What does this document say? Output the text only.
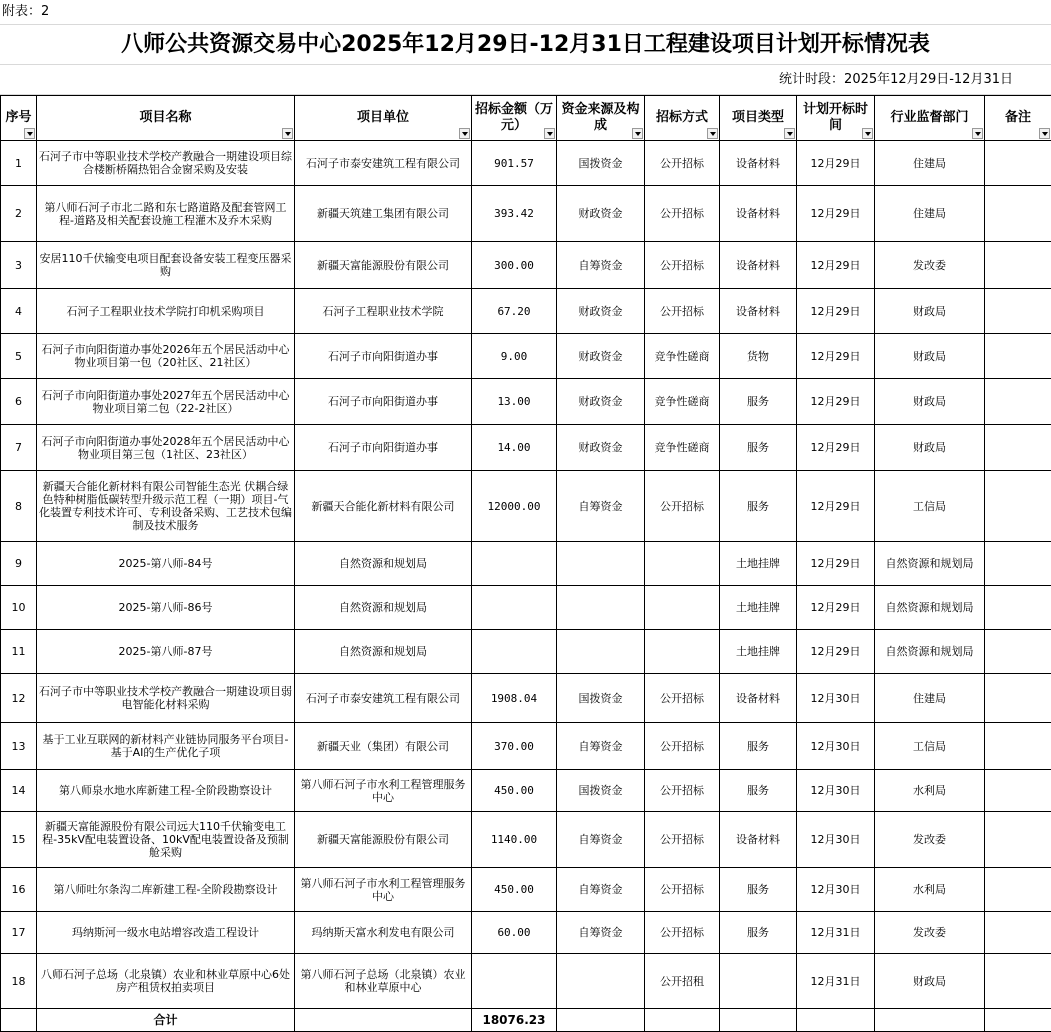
附表：2
八师公共资源交易中心2025年12月29日-12月31日工程建设项目计划开标情况表
统计时段：2025年12月29日-12月31日
序号	项目名称	项目单位	招标金额（万元）	资金来源及构成	招标方式	项目类型	计划开标时间	行业监督部门	备注

1	石河子市中等职业技术学校产教融合一期建设项目综合楼断桥隔热铝合金窗采购及安装	石河子市泰安建筑工程有限公司	901.57	国拨资金	公开招标	设备材料	12月29日	住建局	
2	第八师石河子市北二路和东七路道路及配套管网工程-道路及相关配套设施工程灌木及乔木采购	新疆天筑建工集团有限公司	393.42	财政资金	公开招标	设备材料	12月29日	住建局	
3	安居110千伏输变电项目配套设备安装工程变压器采购	新疆天富能源股份有限公司	300.00	自筹资金	公开招标	设备材料	12月29日	发改委	
4	石河子工程职业技术学院打印机采购项目	石河子工程职业技术学院	67.20	财政资金	公开招标	设备材料	12月29日	财政局	
5	石河子市向阳街道办事处2026年五个居民活动中心物业项目第一包（20社区、21社区）	石河子市向阳街道办事	9.00	财政资金	竞争性磋商	货物	12月29日	财政局	
6	石河子市向阳街道办事处2027年五个居民活动中心物业项目第二包（22-2社区）	石河子市向阳街道办事	13.00	财政资金	竞争性磋商	服务	12月29日	财政局	
7	石河子市向阳街道办事处2028年五个居民活动中心物业项目第三包（1社区、23社区）	石河子市向阳街道办事	14.00	财政资金	竞争性磋商	服务	12月29日	财政局	
8	新疆天合能化新材料有限公司智能生态光 伏耦合绿色特种树脂低碳转型升级示范工程（一期）项目-气化装置专利技术许可、专利设备采购、工艺技术包编制及技术服务	新疆天合能化新材料有限公司	12000.00	自筹资金	公开招标	服务	12月29日	工信局	
9	2025-第八师-84号	自然资源和规划局				土地挂牌	12月29日	自然资源和规划局	
10	2025-第八师-86号	自然资源和规划局				土地挂牌	12月29日	自然资源和规划局	
11	2025-第八师-87号	自然资源和规划局				土地挂牌	12月29日	自然资源和规划局	
12	石河子市中等职业技术学校产教融合一期建设项目弱电智能化材料采购	石河子市泰安建筑工程有限公司	1908.04	国拨资金	公开招标	设备材料	12月30日	住建局	
13	基于工业互联网的新材料产业链协同服务平台项目-基于AI的生产优化子项	新疆天业（集团）有限公司	370.00	自筹资金	公开招标	服务	12月30日	工信局	
14	第八师泉水地水库新建工程-全阶段勘察设计	第八师石河子市水利工程管理服务中心	450.00	国拨资金	公开招标	服务	12月30日	水利局	
15	新疆天富能源股份有限公司远大110千伏输变电工程-35kV配电装置设备、10kV配电装置设备及预制舱采购	新疆天富能源股份有限公司	1140.00	自筹资金	公开招标	设备材料	12月30日	发改委	
16	第八师吐尔条沟二库新建工程-全阶段勘察设计	第八师石河子市水利工程管理服务中心	450.00	自筹资金	公开招标	服务	12月30日	水利局	
17	玛纳斯河一级水电站增容改造工程设计	玛纳斯天富水利发电有限公司	60.00	自筹资金	公开招标	服务	12月31日	发改委	
18	八师石河子总场（北泉镇）农业和林业草原中心6处房产租赁权拍卖项目	第八师石河子总场（北泉镇）农业和林业草原中心			公开招租		12月31日	财政局	
	合计		18076.23						
